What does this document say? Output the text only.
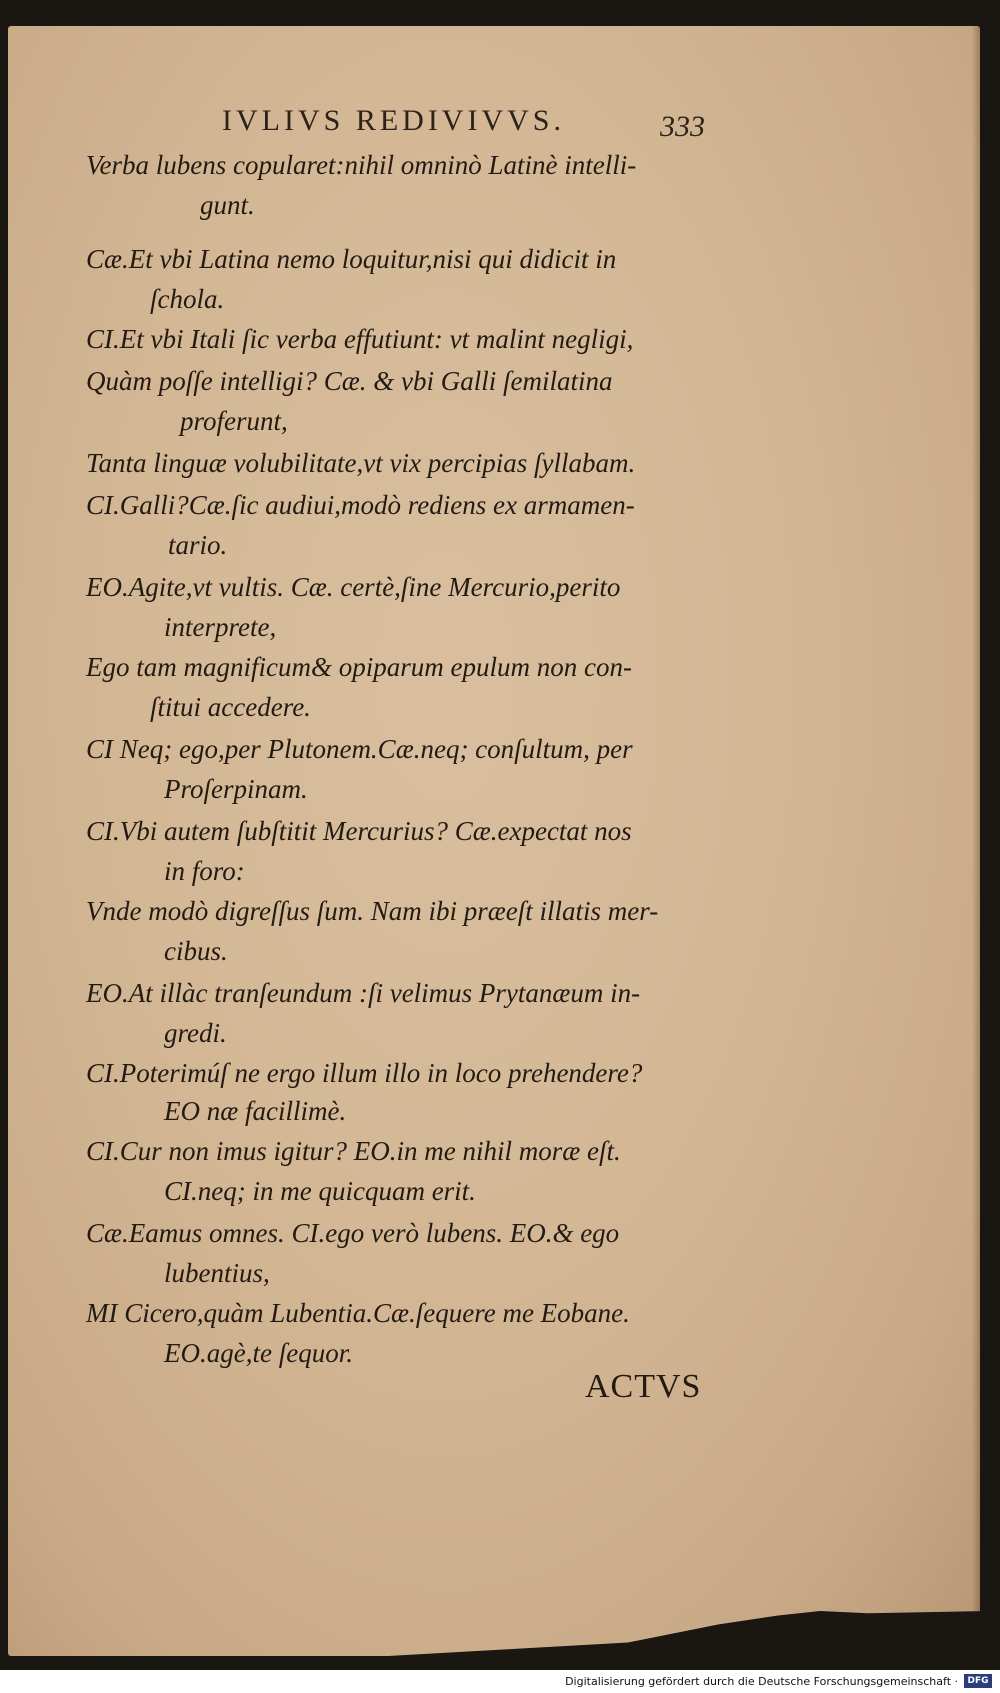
IVLIVS REDIVIVVS.	333
Verba lubens copularet:nihil omninò Latinè intelli-
gunt.
Cæ.Et vbi Latina nemo loquitur,nisi qui didicit in
ſchola.
CI.Et vbi Itali ſic verba effutiunt: vt malint negligi,
Quàm poſſe intelligi? Cæ. & vbi Galli ſemilatina
proferunt,
Tanta linguæ volubilitate,vt vix percipias ſyllabam.
CI.Galli?Cæ.ſic audiui,modò rediens ex armamen-
tario.
EO.Agite,vt vultis. Cæ. certè,ſine Mercurio,perito
interprete,
Ego tam magnificum& opiparum epulum non con-
ſtitui accedere.
CI Neq; ego,per Plutonem.Cæ.neq; conſultum, per
Proſerpinam.
CI.Vbi autem ſubſtitit Mercurius? Cæ.expectat nos
in foro:
Vnde modò digreſſus ſum. Nam ibi præeſt illatis mer-
cibus.
EO.At illàc tranſeundum :ſi velimus Prytanæum in-
gredi.
CI.Poterimúſ ne ergo illum illo in loco prehendere?
EO næ facillimè.
CI.Cur non imus igitur? EO.in me nihil moræ eſt.
CI.neq; in me quicquam erit.
Cæ.Eamus omnes. CI.ego verò lubens. EO.& ego
lubentius,
MI Cicero,quàm Lubentia.Cæ.ſequere me Eobane.
EO.agè,te ſequor.
ACTVS
Digitalisierung gefördert durch die Deutsche Forschungsgemeinschaft ·	DFG
